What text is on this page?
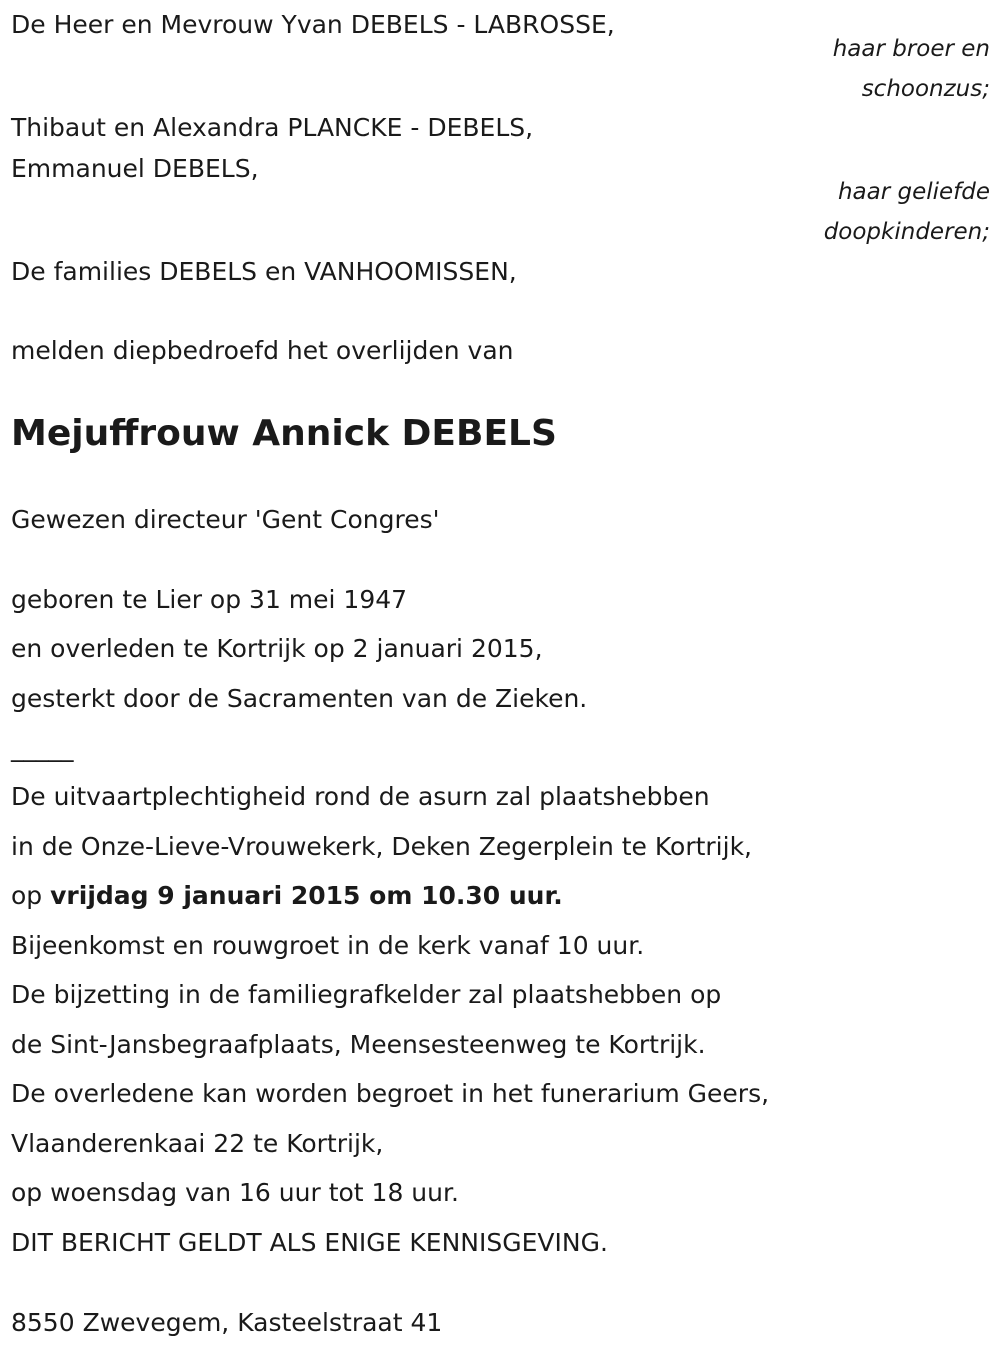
De Heer en Mevrouw Yvan DEBELS - LABROSSE,
haar broer en
schoonzus;
Thibaut en Alexandra PLANCKE - DEBELS,
Emmanuel DEBELS,
haar geliefde
doopkinderen;
De families DEBELS en VANHOOMISSEN,
melden diepbedroefd het overlijden van
Mejuffrouw Annick DEBELS
Gewezen directeur 'Gent Congres'
geboren te Lier op 31 mei 1947
en overleden te Kortrijk op 2 januari 2015,
gesterkt door de Sacramenten van de Zieken.
_____
De uitvaartplechtigheid rond de asurn zal plaatshebben
in de Onze-Lieve-Vrouwekerk, Deken Zegerplein te Kortrijk,
op vrijdag 9 januari 2015 om 10.30 uur.
Bijeenkomst en rouwgroet in de kerk vanaf 10 uur.
De bijzetting in de familiegrafkelder zal plaatshebben op
de Sint-Jansbegraafplaats, Meensesteenweg te Kortrijk.
De overledene kan worden begroet in het funerarium Geers,
Vlaanderenkaai 22 te Kortrijk,
op woensdag van 16 uur tot 18 uur.
DIT BERICHT GELDT ALS ENIGE KENNISGEVING.
8550 Zwevegem, Kasteelstraat 41
